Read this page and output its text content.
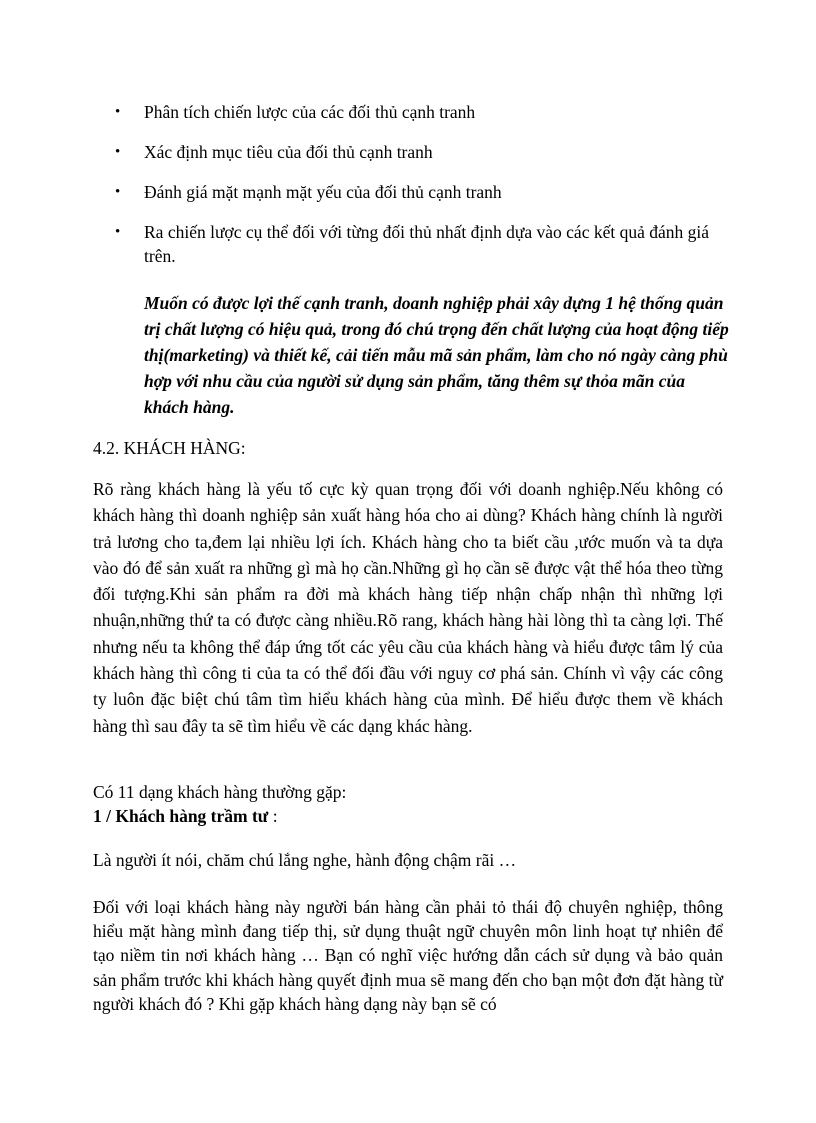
• Phân tích chiến lược của các đối thủ cạnh tranh
• Xác định mục tiêu của đối thủ cạnh tranh
• Đánh giá mặt mạnh mặt yếu của đối thủ cạnh tranh
• Ra chiến lược cụ thể đối với từng đối thủ nhất định dựa vào các kết quả đánh giá trên.

Muốn có được lợi thế cạnh tranh, doanh nghiệp phải xây dựng 1 hệ thống quản trị chất lượng có hiệu quả, trong đó chú trọng đến chất lượng của hoạt động tiếp thị(marketing) và thiết kế, cải tiến mẫu mã sản phẩm, làm cho nó ngày càng phù hợp với nhu cầu của người sử dụng sản phẩm, tăng thêm sự thỏa mãn của khách hàng.

4.2. KHÁCH HÀNG:

Rõ ràng khách hàng là yếu tố cực kỳ quan trọng đối với doanh nghiệp.Nếu không có khách hàng thì doanh nghiệp sản xuất hàng hóa cho ai dùng? Khách hàng chính là người trả lương cho ta,đem lại nhiều lợi ích. Khách hàng cho ta biết cầu ,ước muốn và ta dựa vào đó để sản xuất ra những gì mà họ cần.Những gì họ cần sẽ được vật thể hóa theo từng đối tượng.Khi sản phẩm ra đời mà khách hàng tiếp nhận chấp nhận thì những lợi nhuận,những thứ ta có được càng nhiều.Rõ rang, khách hàng hài lòng thì ta càng lợi. Thế nhưng nếu ta không thể đáp ứng tốt các yêu cầu của khách hàng và hiểu được tâm lý của khách hàng thì công ti của ta có thể đối đầu với nguy cơ phá sản. Chính vì vậy các công ty luôn đặc biệt chú tâm tìm hiểu khách hàng của mình. Để hiểu được them về khách hàng thì sau đây ta sẽ tìm hiểu về các dạng khác hàng.

Có 11 dạng khách hàng thường gặp:

1 / Khách hàng trầm tư :

Là người ít nói, chăm chú lắng nghe, hành động chậm rãi …

Đối với loại khách hàng này người bán hàng cần phải tỏ thái độ chuyên nghiệp, thông hiểu mặt hàng mình đang tiếp thị, sử dụng thuật ngữ chuyên môn linh hoạt tự nhiên để tạo niềm tin nơi khách hàng … Bạn có nghĩ việc hướng dẫn cách sử dụng và bảo quản sản phẩm trước khi khách hàng quyết định mua sẽ mang đến cho bạn một đơn đặt hàng từ người khách đó ? Khi gặp khách hàng dạng này bạn sẽ có
